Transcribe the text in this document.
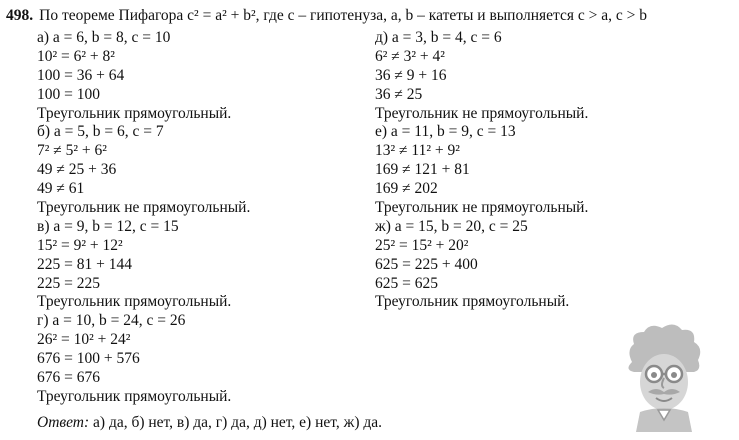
498. По теореме Пифагора c² = a² + b², где c – гипотенуза, a, b – катеты и выполняется c > a, c > b
а) a = 6, b = 8, c = 10
10² = 6² + 8²
100 = 36 + 64
100 = 100
Треугольник прямоугольный.
б) a = 5, b = 6, c = 7
7² ≠ 5² + 6²
49 ≠ 25 + 36
49 ≠ 61
Треугольник не прямоугольный.
в) a = 9, b = 12, c = 15
15² = 9² + 12²
225 = 81 + 144
225 = 225
Треугольник прямоугольный.
г) a = 10, b = 24, c = 26
26² = 10² + 24²
676 = 100 + 576
676 = 676
Треугольник прямоугольный.
д) a = 3, b = 4, c = 6
6² ≠ 3² + 4²
36 ≠ 9 + 16
36 ≠ 25
Треугольник не прямоугольный.
е) a = 11, b = 9, c = 13
13² ≠ 11² + 9²
169 ≠ 121 + 81
169 ≠ 202
Треугольник не прямоугольный.
ж) a = 15, b = 20, c = 25
25² = 15² + 20²
625 = 225 + 400
625 = 625
Треугольник прямоугольный.
Ответ: а) да, б) нет, в) да, г) да, д) нет, е) нет, ж) да.
